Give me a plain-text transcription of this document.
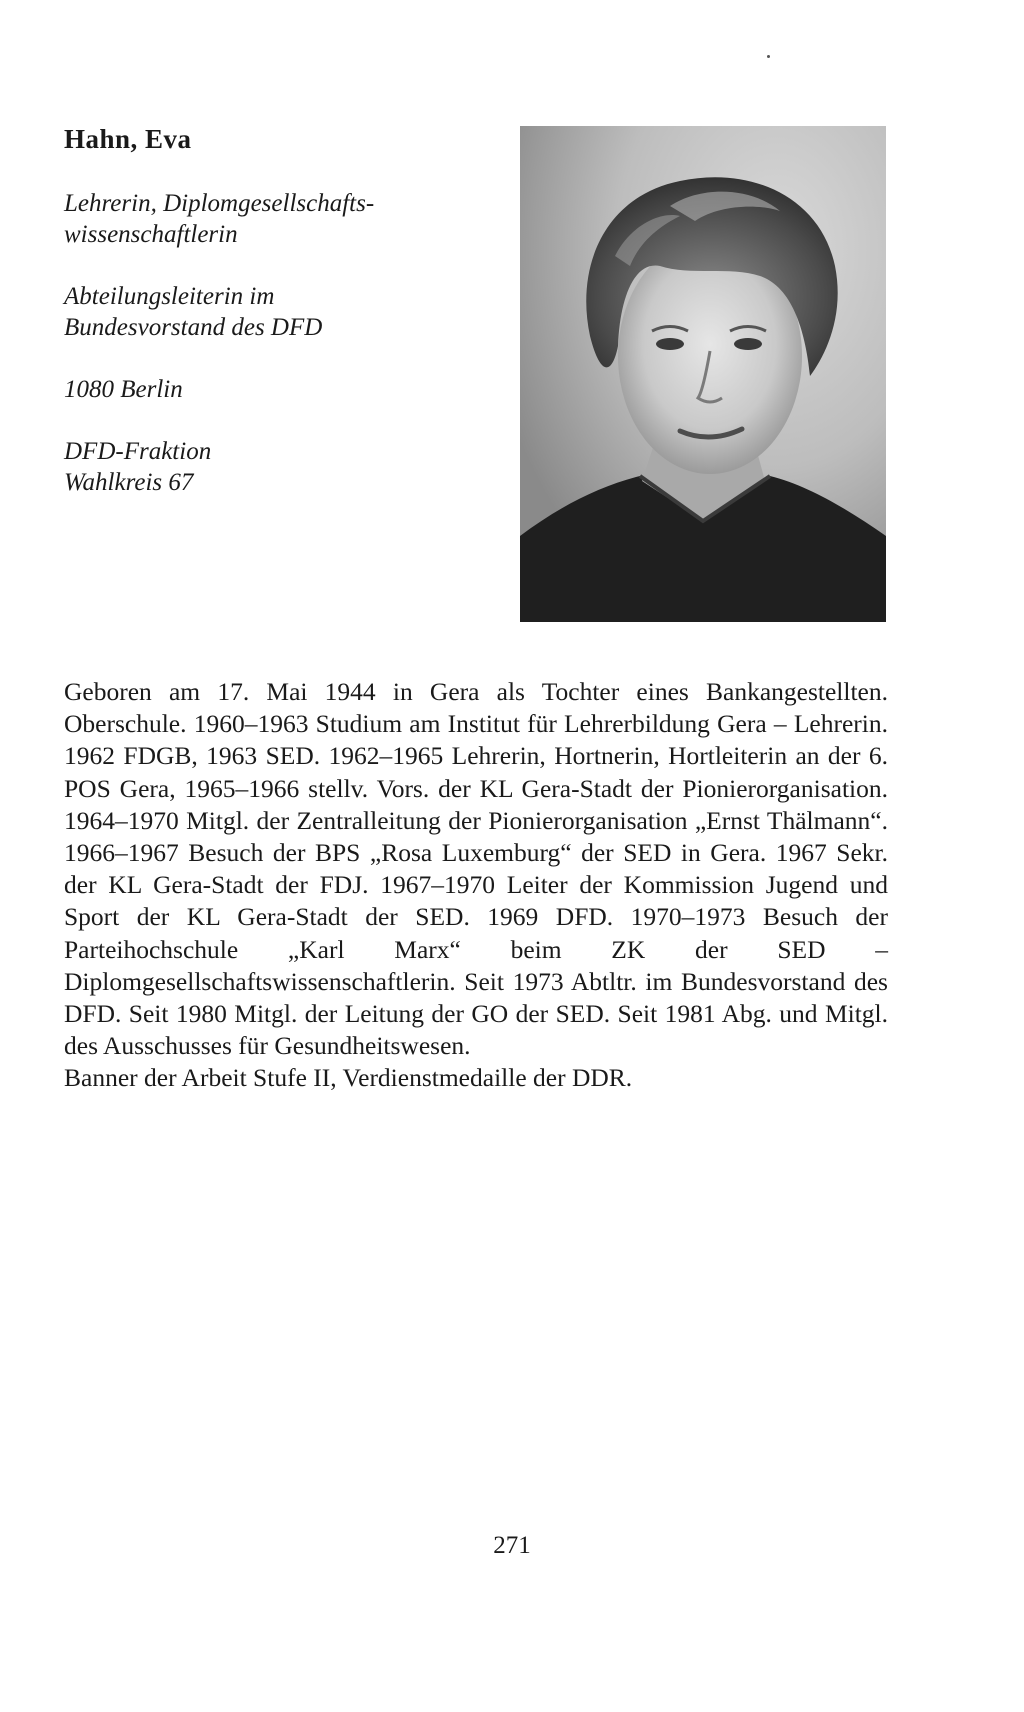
Hahn, Eva
Lehrerin, Diplomgesellschafts-
wissenschaftlerin
Abteilungsleiterin im
Bundesvorstand des DFD
1080 Berlin
DFD-Fraktion
Wahlkreis 67

Geboren am 17. Mai 1944 in Gera als Tochter eines Bankangestellten. Oberschule. 1960–1963 Studium am Institut für Lehrerbildung Gera – Lehrerin. 1962 FDGB, 1963 SED. 1962–1965 Lehrerin, Hortnerin, Hortleiterin an der 6. POS Gera, 1965–1966 stellv. Vors. der KL Gera-Stadt der Pionierorganisation. 1964–1970 Mitgl. der Zentralleitung der Pionierorganisation „Ernst Thälmann“. 1966–1967 Besuch der BPS „Rosa Luxemburg“ der SED in Gera. 1967 Sekr. der KL Gera-Stadt der FDJ. 1967–1970 Leiter der Kommission Jugend und Sport der KL Gera-Stadt der SED. 1969 DFD. 1970–1973 Besuch der Parteihochschule „Karl Marx“ beim ZK der SED – Diplomgesellschaftswissenschaftlerin. Seit 1973 Abtltr. im Bundesvorstand des DFD. Seit 1980 Mitgl. der Leitung der GO der SED. Seit 1981 Abg. und Mitgl. des Ausschusses für Gesundheitswesen.

Banner der Arbeit Stufe II, Verdienstmedaille der DDR.

271
